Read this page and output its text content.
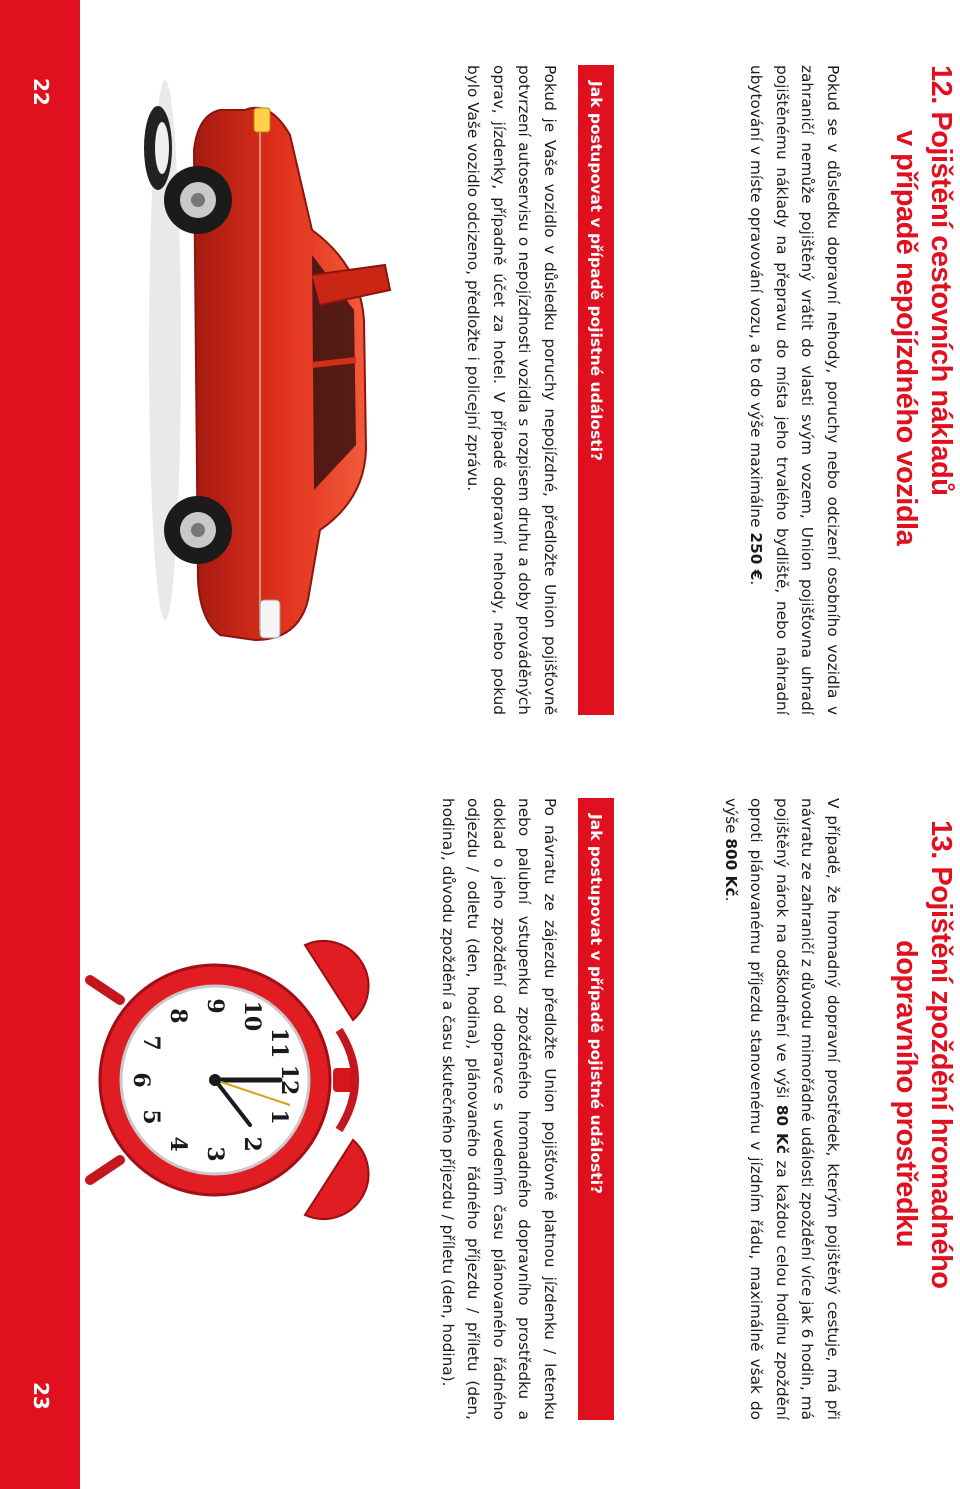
22
23
12. Pojištění cestovních nákladů
v případě nepojízdného vozidla
Pokud se v důsledku dopravní nehody, poruchy nebo odcizení osobního vozidla v zahraničí nemůže pojištěný vrátit do vlasti svým vozem, Union pojišťovna uhradí pojištěnému náklady na přepravu do místa jeho trvalého bydliště, nebo náhradní ubytování v míste opravování vozu, a to do výše maximálne 250 €.
Jak postupovat v případě pojistné události?
Pokud je Vaše vozidlo v důsledku poruchy nepojízdné, předložte Union pojišťovně potvrzení autoservisu o nepojízdnosti vozidla s rozpisem druhu a doby prováděných oprav, jízdenky, případně účet za hotel. V případě dopravní nehody, nebo pokud bylo Vaše vozidlo odcizeno, předložte i policejní zprávu.
13. Pojištění zpoždění hromadného
dopravního prostředku
V případě, že hromadný dopravní prostředek, kterým pojištěný cestuje, má při návratu ze zahraničí z důvodu mimořádné události zpoždění více jak 6 hodin, má pojištěný nárok na odškodnění ve výši 80 Kč za každou celou hodinu zpoždění oproti plánovanému příjezdu stanovenému v jízdním řádu, maximálně však do výše 800 Kč.
Jak postupovat v případě pojistné události?
Po návratu ze zájezdu předložte Union pojišťovně platnou jízdenku / letenku nebo palubní vstupenku zpožděného hromadného dopravního prostředku a doklad o jeho zpoždění od dopravce s uvedením času plánovaného řádného odjezdu / odletu (den, hodina), plánovaného řádného příjezdu / příletu (den, hodina), důvodu zpoždění a času skutečného příjezdu / příletu (den, hodina).
12
1
2
3
4
5
6
7
8
9 10
11
